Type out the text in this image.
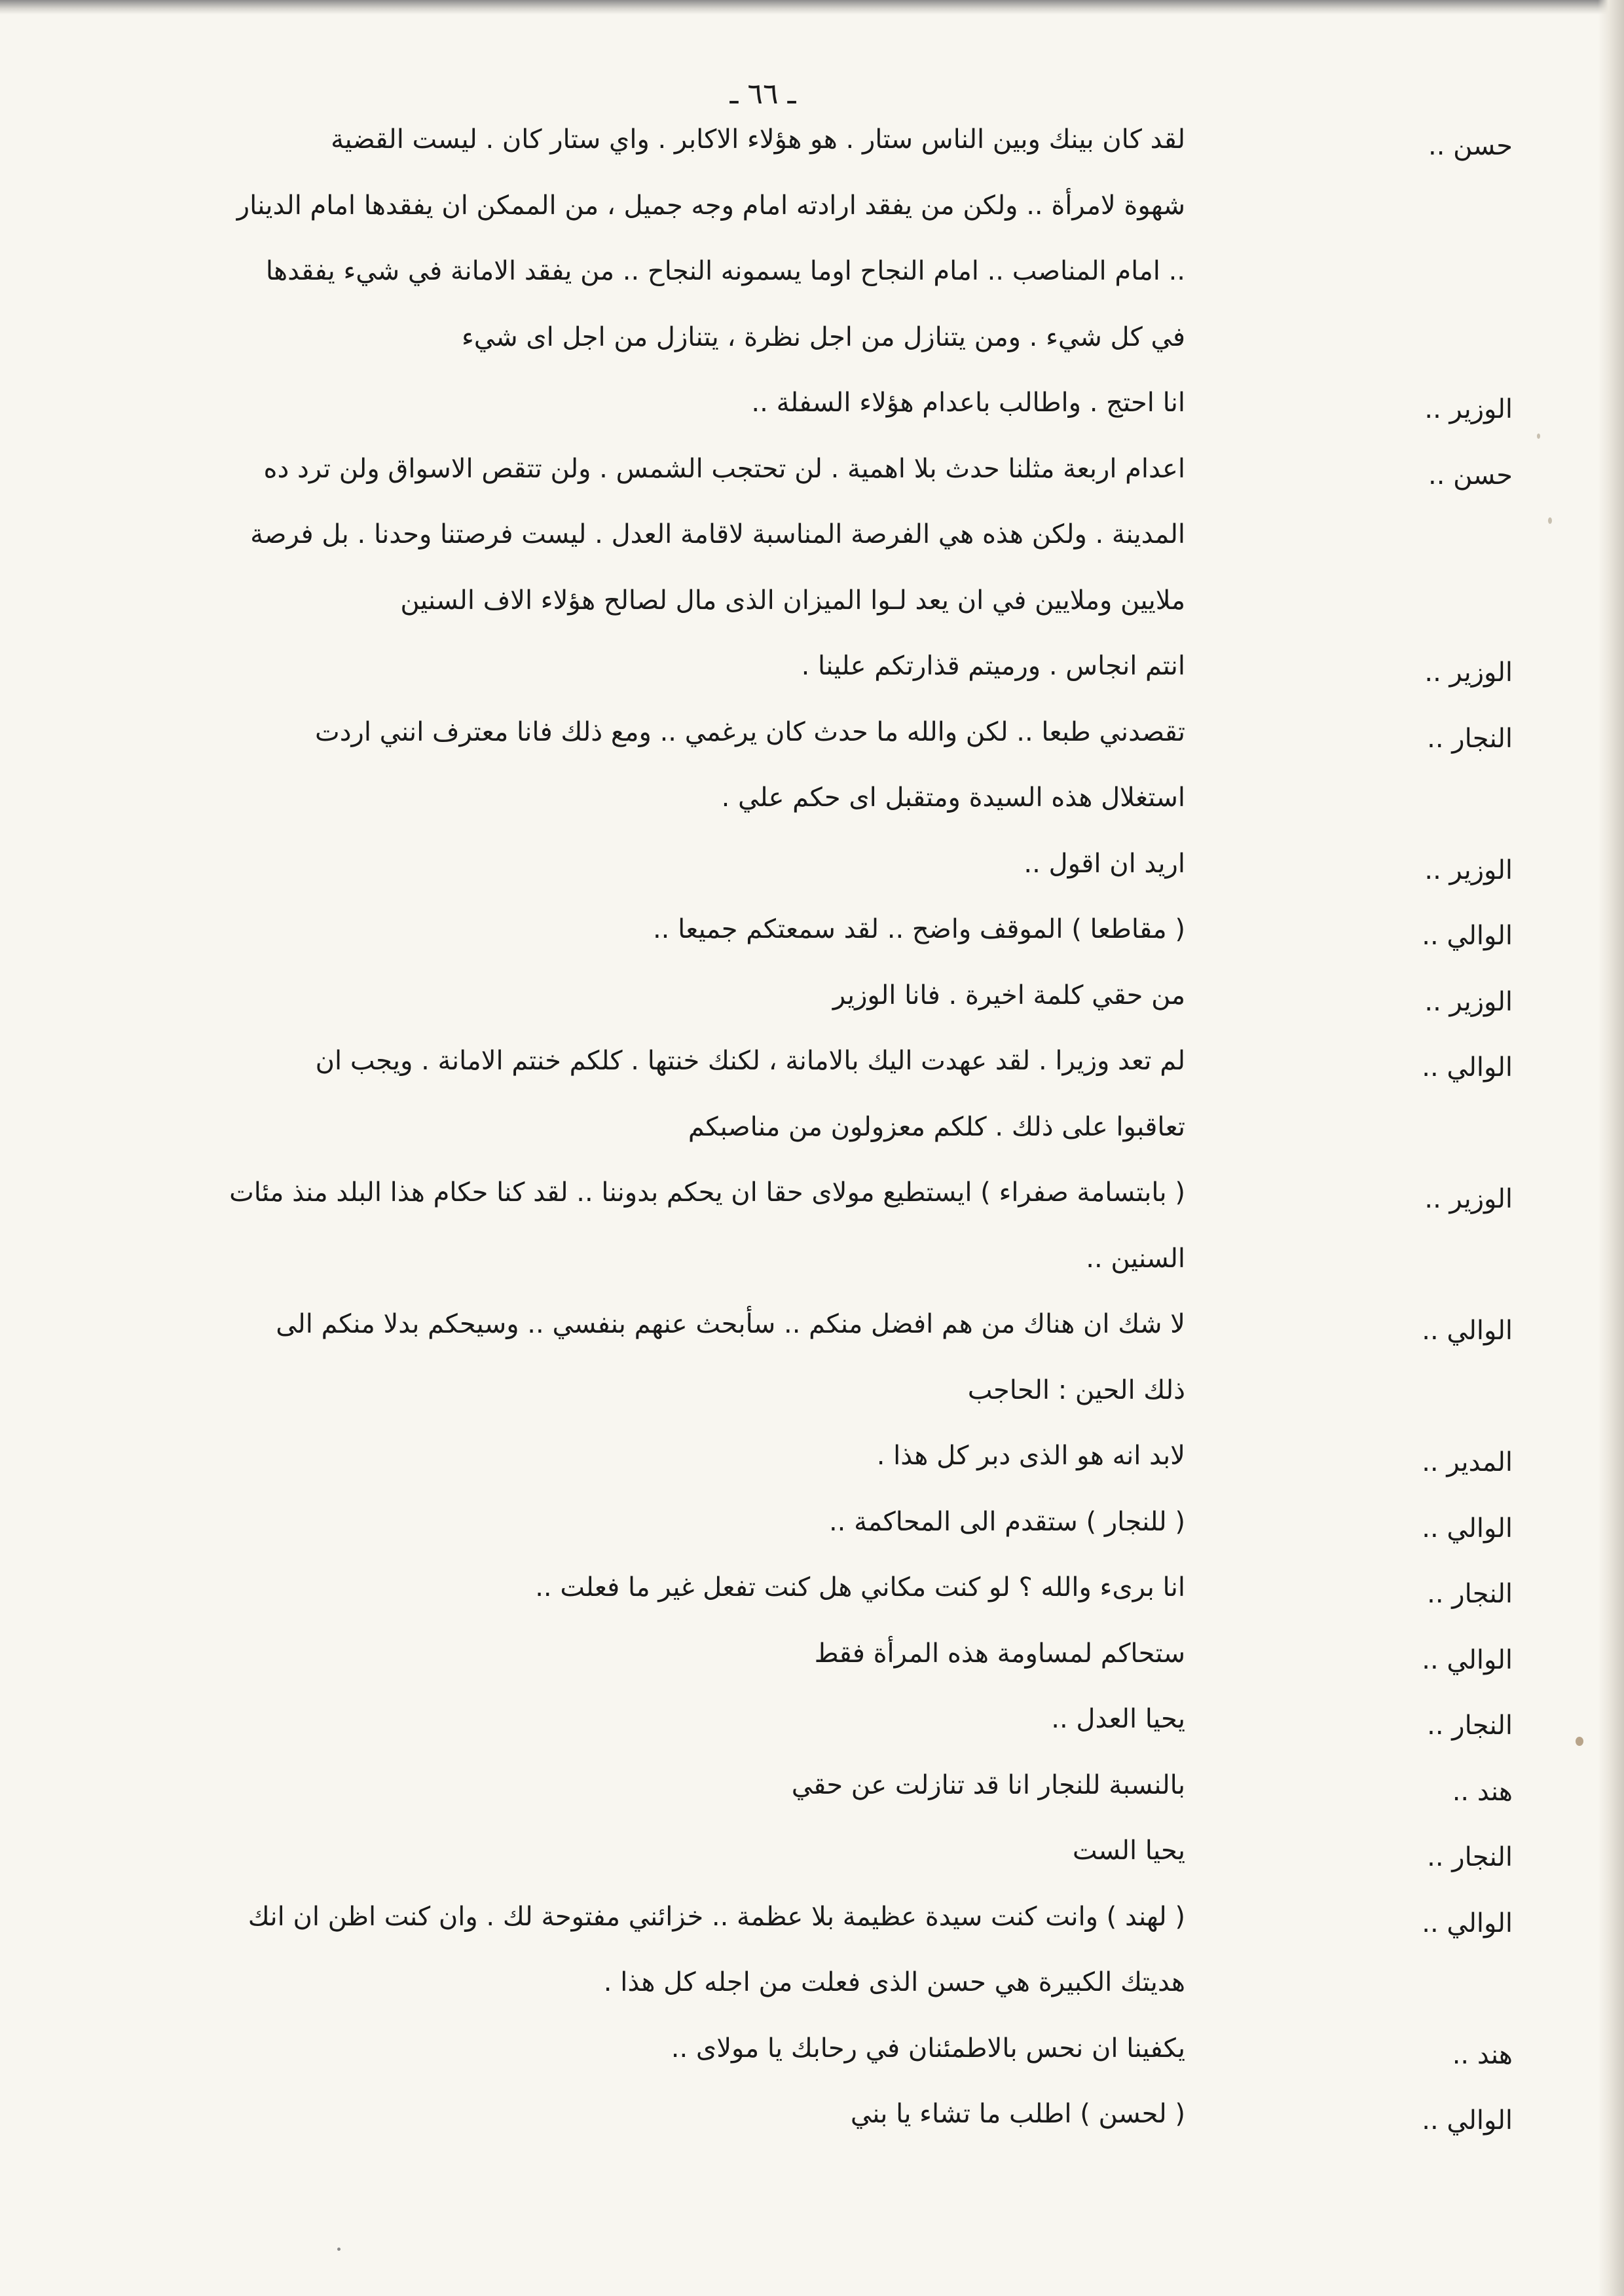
ـ ٦٦ ـ
حسن ..
لقد كان بينك وبين الناس ستار . هو هؤلاء الاكابر . واي ستار كان . ليست القضية
شهوة لامرأة .. ولكن من يفقد ارادته امام وجه جميل ، من الممكن ان يفقدها امام الدينار
.. امام المناصب .. امام النجاح اوما يسمونه النجاح .. من يفقد الامانة في شيء يفقدها
في كل شيء . ومن يتنازل من اجل نظرة ، يتنازل من اجل اى شيء
الوزير ..
انا احتج . واطالب باعدام هؤلاء السفلة ..
حسن ..
اعدام اربعة مثلنا حدث بلا اهمية . لن تحتجب الشمس . ولن تتقص الاسواق ولن ترد ده
المدينة . ولكن هذه هي الفرصة المناسبة لاقامة العدل . ليست فرصتنا وحدنا . بل فرصة
ملايين وملايين في ان يعد لـوا الميزان الذى مال لصالح هؤلاء الاف السنين
الوزير ..
انتم انجاس . ورميتم قذارتكم علينا .
النجار ..
تقصدني طبعا .. لكن والله ما حدث كان يرغمي .. ومع ذلك فانا معترف انني اردت
استغلال هذه السيدة ومتقبل اى حكم علي .
الوزير ..
اريد ان اقول ..
الوالي ..
( مقاطعا ) الموقف واضح .. لقد سمعتكم جميعا ..
الوزير ..
من حقي كلمة اخيرة . فانا الوزير
الوالي ..
لم تعد وزيرا . لقد عهدت اليك بالامانة ، لكنك خنتها . كلكم خنتم الامانة . ويجب ان
تعاقبوا على ذلك . كلكم معزولون من مناصبكم
الوزير ..
( بابتسامة صفراء ) ايستطيع مولاى حقا ان يحكم بدوننا .. لقد كنا حكام هذا البلد منذ مئات
السنين ..
الوالي ..
لا شك ان هناك من هم افضل منكم .. سأبحث عنهم بنفسي .. وسيحكم بدلا منكم الى
ذلك الحين : الحاجب
المدير ..
لابد انه هو الذى دبر كل هذا .
الوالي ..
( للنجار ) ستقدم الى المحاكمة ..
النجار ..
انا برىء والله ؟ لو كنت مكاني هل كنت تفعل غير ما فعلت ..
الوالي ..
ستحاكم لمساومة هذه المرأة فقط
النجار ..
يحيا العدل ..
هند ..
بالنسبة للنجار انا قد تنازلت عن حقي
النجار ..
يحيا الست
الوالي ..
( لهند ) وانت كنت سيدة عظيمة بلا عظمة .. خزائني مفتوحة لك . وان كنت اظن ان انك
هديتك الكبيرة هي حسن الذى فعلت من اجله كل هذا .
هند ..
يكفينا ان نحس بالاطمئنان في رحابك يا مولاى ..
الوالي ..
( لحسن ) اطلب ما تشاء يا بني
